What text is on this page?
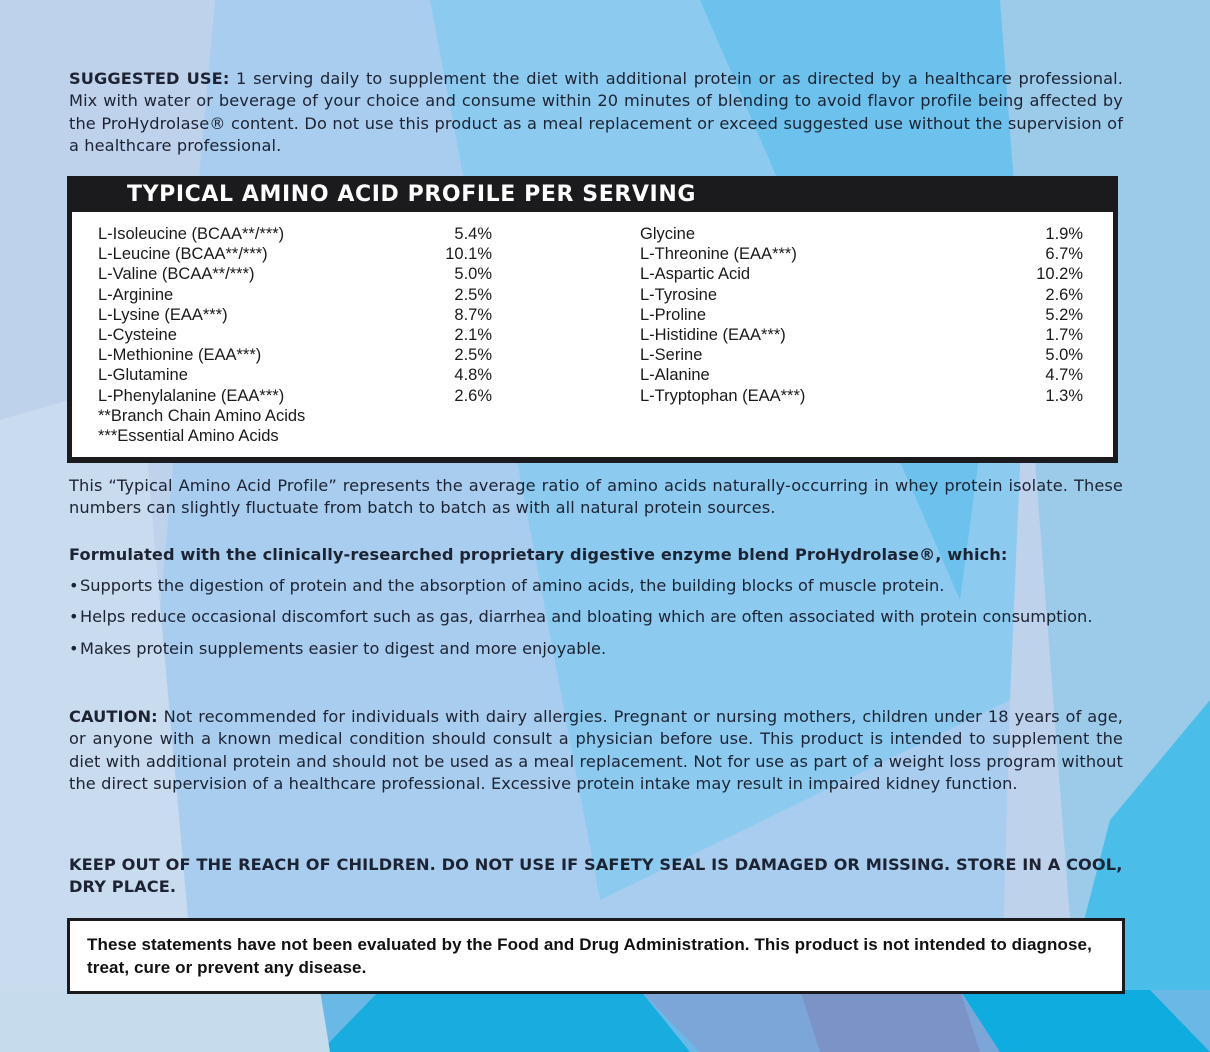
SUGGESTED USE: 1 serving daily to supplement the diet with additional protein or as directed by a healthcare professional. Mix with water or beverage of your choice and consume within 20 minutes of blending to avoid flavor profile being affected by the ProHydrolase® content. Do not use this product as a meal replacement or exceed suggested use without the supervision of a healthcare professional.

TYPICAL AMINO ACID PROFILE PER SERVING
L-Isoleucine (BCAA**/***)	5.4%
L-Leucine (BCAA**/***)	10.1%
L-Valine (BCAA**/***)	5.0%
L-Arginine	2.5%
L-Lysine (EAA***)	8.7%
L-Cysteine	2.1%
L-Methionine (EAA***)	2.5%
L-Glutamine	4.8%
L-Phenylalanine (EAA***)	2.6%
**Branch Chain Amino Acids
***Essential Amino Acids
Glycine	1.9%
L-Threonine (EAA***)	6.7%
L-Aspartic Acid	10.2%
L-Tyrosine	2.6%
L-Proline	5.2%
L-Histidine (EAA***)	1.7%
L-Serine	5.0%
L-Alanine	4.7%
L-Tryptophan (EAA***)	1.3%

This “Typical Amino Acid Profile” represents the average ratio of amino acids naturally-occurring in whey protein isolate. These numbers can slightly fluctuate from batch to batch as with all natural protein sources.

Formulated with the clinically-researched proprietary digestive enzyme blend ProHydrolase®, which:

• Supports the digestion of protein and the absorption of amino acids, the building blocks of muscle protein.
• Helps reduce occasional discomfort such as gas, diarrhea and bloating which are often associated with protein consumption.
• Makes protein supplements easier to digest and more enjoyable.

CAUTION: Not recommended for individuals with dairy allergies. Pregnant or nursing mothers, children under 18 years of age, or anyone with a known medical condition should consult a physician before use. This product is intended to supplement the diet with additional protein and should not be used as a meal replacement. Not for use as part of a weight loss program without the direct supervision of a healthcare professional. Excessive protein intake may result in impaired kidney function.

KEEP OUT OF THE REACH OF CHILDREN. DO NOT USE IF SAFETY SEAL IS DAMAGED OR MISSING. STORE IN A COOL, DRY PLACE.

These statements have not been evaluated by the Food and Drug Administration. This product is not intended to diagnose, treat, cure or prevent any disease.
